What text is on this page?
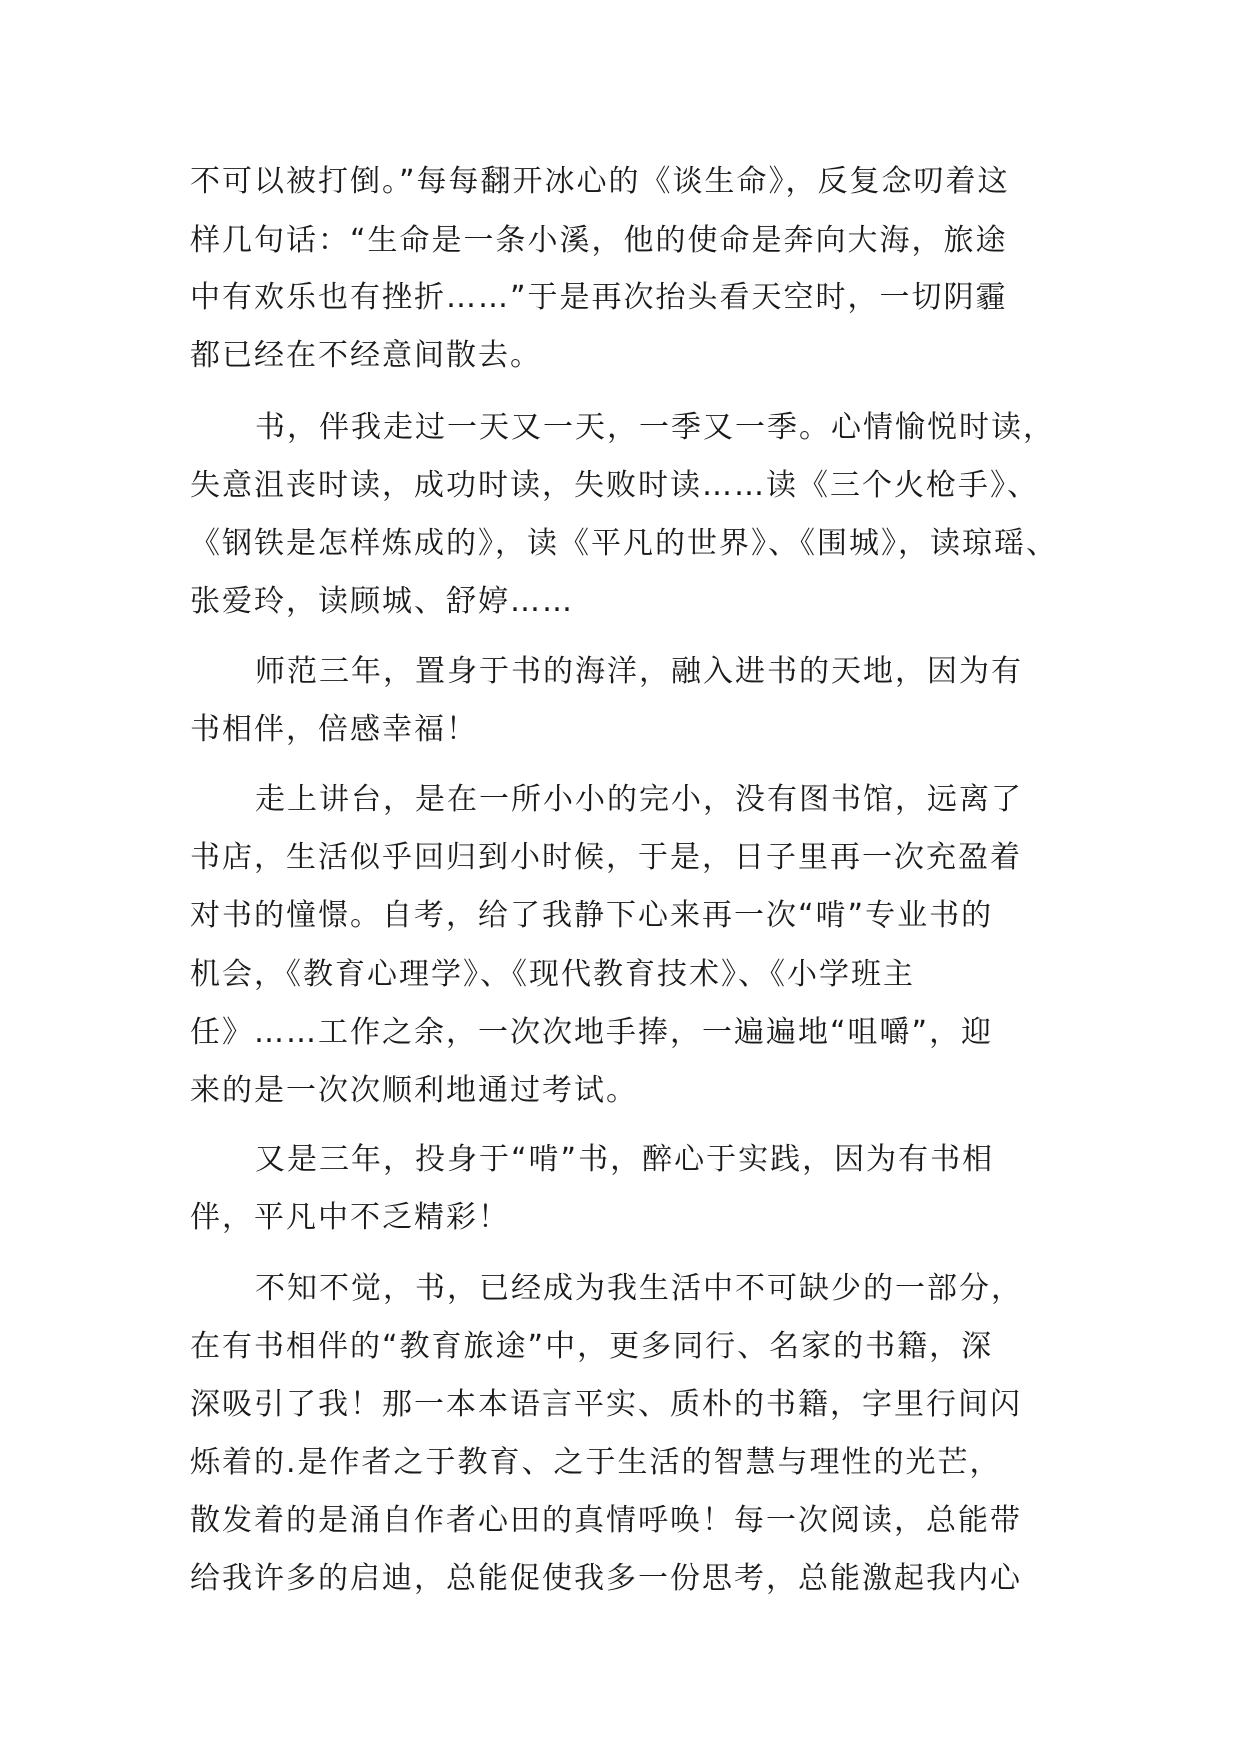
不可以被打倒。”每每翻开冰心的《谈生命》，反复念叨着这
样几句话：“生命是一条小溪，他的使命是奔向大海，旅途
中有欢乐也有挫折……”于是再次抬头看天空时，一切阴霾
都已经在不经意间散去。
书，伴我走过一天又一天，一季又一季。心情愉悦时读，
失意沮丧时读，成功时读，失败时读……读《三个火枪手》、
《钢铁是怎样炼成的》，读《平凡的世界》、《围城》，读琼瑶、
张爱玲，读顾城、舒婷……
师范三年，置身于书的海洋，融入进书的天地，因为有
书相伴，倍感幸福！
走上讲台，是在一所小小的完小，没有图书馆，远离了
书店，生活似乎回归到小时候，于是，日子里再一次充盈着
对书的憧憬。自考，给了我静下心来再一次“啃”专业书的
机会，《教育心理学》、《现代教育技术》、《小学班主
任》……工作之余，一次次地手捧，一遍遍地“咀嚼”，迎
来的是一次次顺利地通过考试。
又是三年，投身于“啃”书，醉心于实践，因为有书相
伴，平凡中不乏精彩！
不知不觉，书，已经成为我生活中不可缺少的一部分，
在有书相伴的“教育旅途”中，更多同行、名家的书籍，深
深吸引了我！那一本本语言平实、质朴的书籍，字里行间闪
烁着的.是作者之于教育、之于生活的智慧与理性的光芒，
散发着的是涌自作者心田的真情呼唤！每一次阅读，总能带
给我许多的启迪，总能促使我多一份思考，总能激起我内心
